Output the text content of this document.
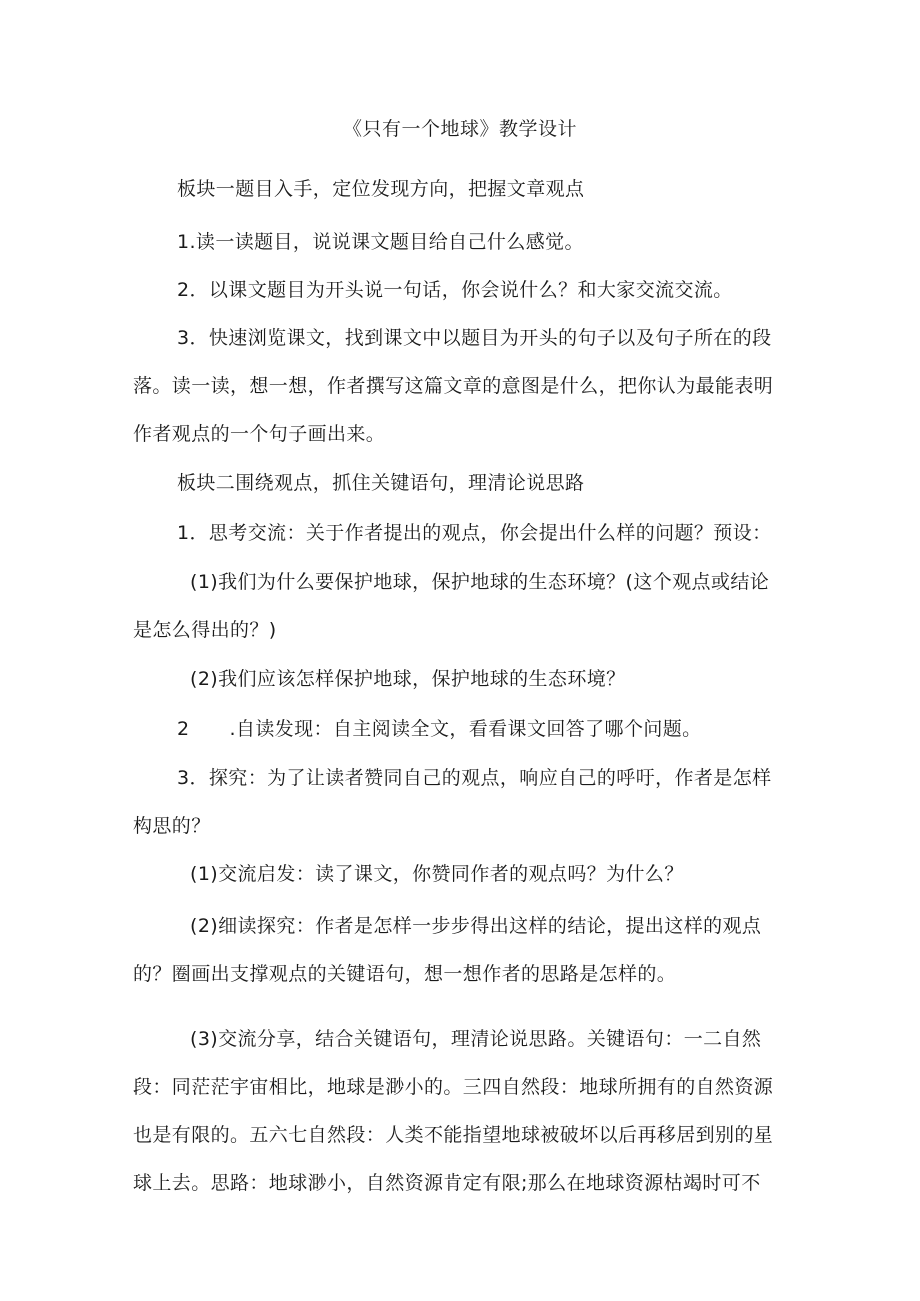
《只有一个地球》教学设计
板块一题目入手，定位发现方向，把握文章观点
1.读一读题目，说说课文题目给自己什么感觉。
2．以课文题目为开头说一句话，你会说什么？和大家交流交流。
3．快速浏览课文，找到课文中以题目为开头的句子以及句子所在的段
落。读一读，想一想，作者撰写这篇文章的意图是什么，把你认为最能表明
作者观点的一个句子画出来。
板块二围绕观点，抓住关键语句，理清论说思路
1．思考交流：关于作者提出的观点，你会提出什么样的问题？预设：
(1)我们为什么要保护地球，保护地球的生态环境？(这个观点或结论
是怎么得出的？)
(2)我们应该怎样保护地球，保护地球的生态环境？
2 .自读发现：自主阅读全文，看看课文回答了哪个问题。
3．探究：为了让读者赞同自己的观点，响应自己的呼吁，作者是怎样
构思的？
(1)交流启发：读了课文，你赞同作者的观点吗？为什么？
(2)细读探究：作者是怎样一步步得出这样的结论，提出这样的观点
的？圈画出支撑观点的关键语句，想一想作者的思路是怎样的。
(3)交流分享，结合关键语句，理清论说思路。关键语句：一二自然
段：同茫茫宇宙相比，地球是渺小的。三四自然段：地球所拥有的自然资源
也是有限的。五六七自然段：人类不能指望地球被破坏以后再移居到别的星
球上去。思路：地球渺小，自然资源肯定有限;那么在地球资源枯竭时可不
